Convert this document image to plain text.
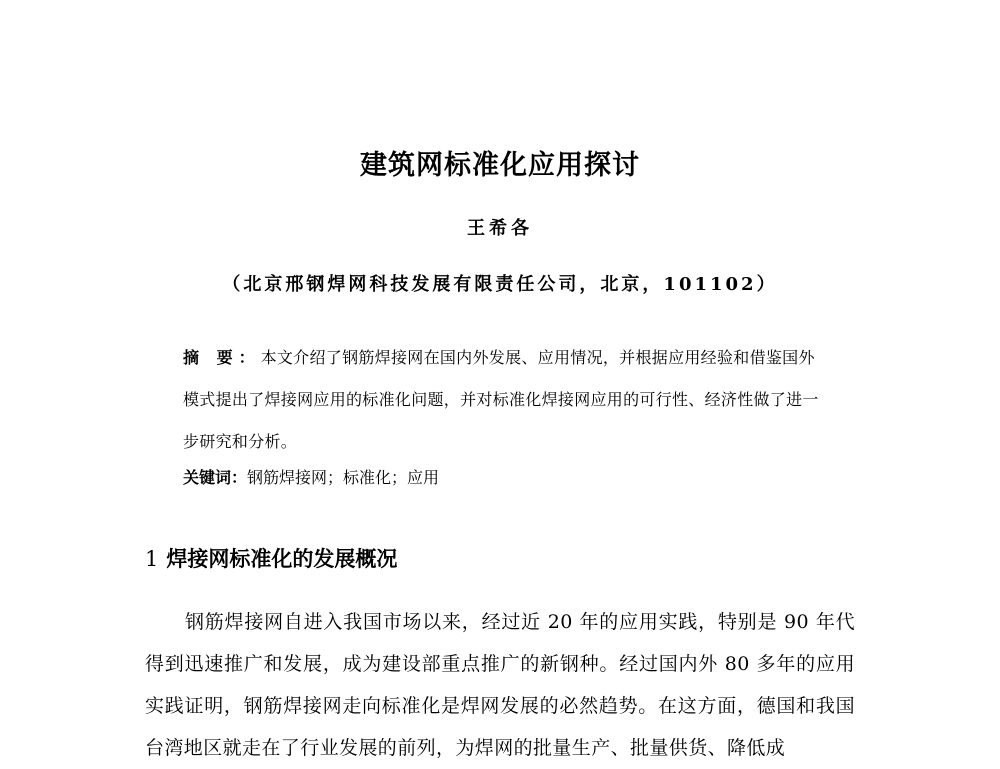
建筑网标准化应用探讨
王希各
（北京邢钢焊网科技发展有限责任公司，北京，101102）
摘 要：本文介绍了钢筋焊接网在国内外发展、应用情况，并根据应用经验和借鉴国外模式提出了焊接网应用的标准化问题，并对标准化焊接网应用的可行性、经济性做了进一步研究和分析。
关键词：钢筋焊接网；标准化；应用
1 焊接网标准化的发展概况

钢筋焊接网自进入我国市场以来，经过近 20 年的应用实践，特别是 90 年代得到迅速推广和发展，成为建设部重点推广的新钢种。经过国内外 80 多年的应用实践证明，钢筋焊接网走向标准化是焊网发展的必然趋势。在这方面，德国和我国台湾地区就走在了行业发展的前列，为焊网的批量生产、批量供货、降低成
